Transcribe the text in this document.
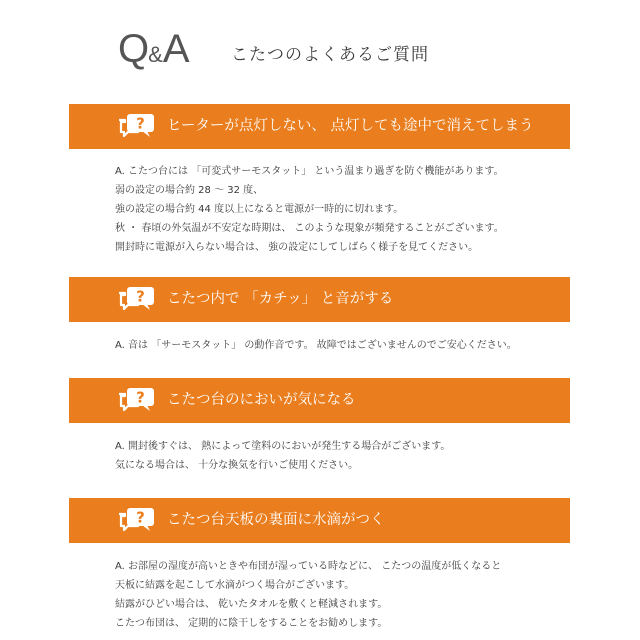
Q&A	こたつのよくあるご質問
? ヒーターが点灯しない、 点灯しても途中で消えてしまう
A. こたつ台には 「可変式サーモスタット」 という温まり過ぎを防ぐ機能があります。
弱の設定の場合約 28 ～ 32 度、
強の設定の場合約 44 度以上になると電源が一時的に切れます。
秋 ・ 春頃の外気温が不安定な時期は、 このような現象が頻発することがございます。
開封時に電源が入らない場合は、 強の設定にしてしばらく様子を見てください。
? こたつ内で 「カチッ」 と音がする
A. 音は 「サーモスタット」 の動作音です。 故障ではございませんのでご安心ください。
? こたつ台のにおいが気になる
A. 開封後すぐは、 熱によって塗料のにおいが発生する場合がございます。
気になる場合は、 十分な換気を行いご使用ください。
? こたつ台天板の裏面に水滴がつく
A. お部屋の湿度が高いときや布団が湿っている時などに、 こたつの温度が低くなると
天板に結露を起こして水滴がつく場合がございます。
結露がひどい場合は、 乾いたタオルを敷くと軽減されます。
こたつ布団は、 定期的に陰干しをすることをお勧めします。
